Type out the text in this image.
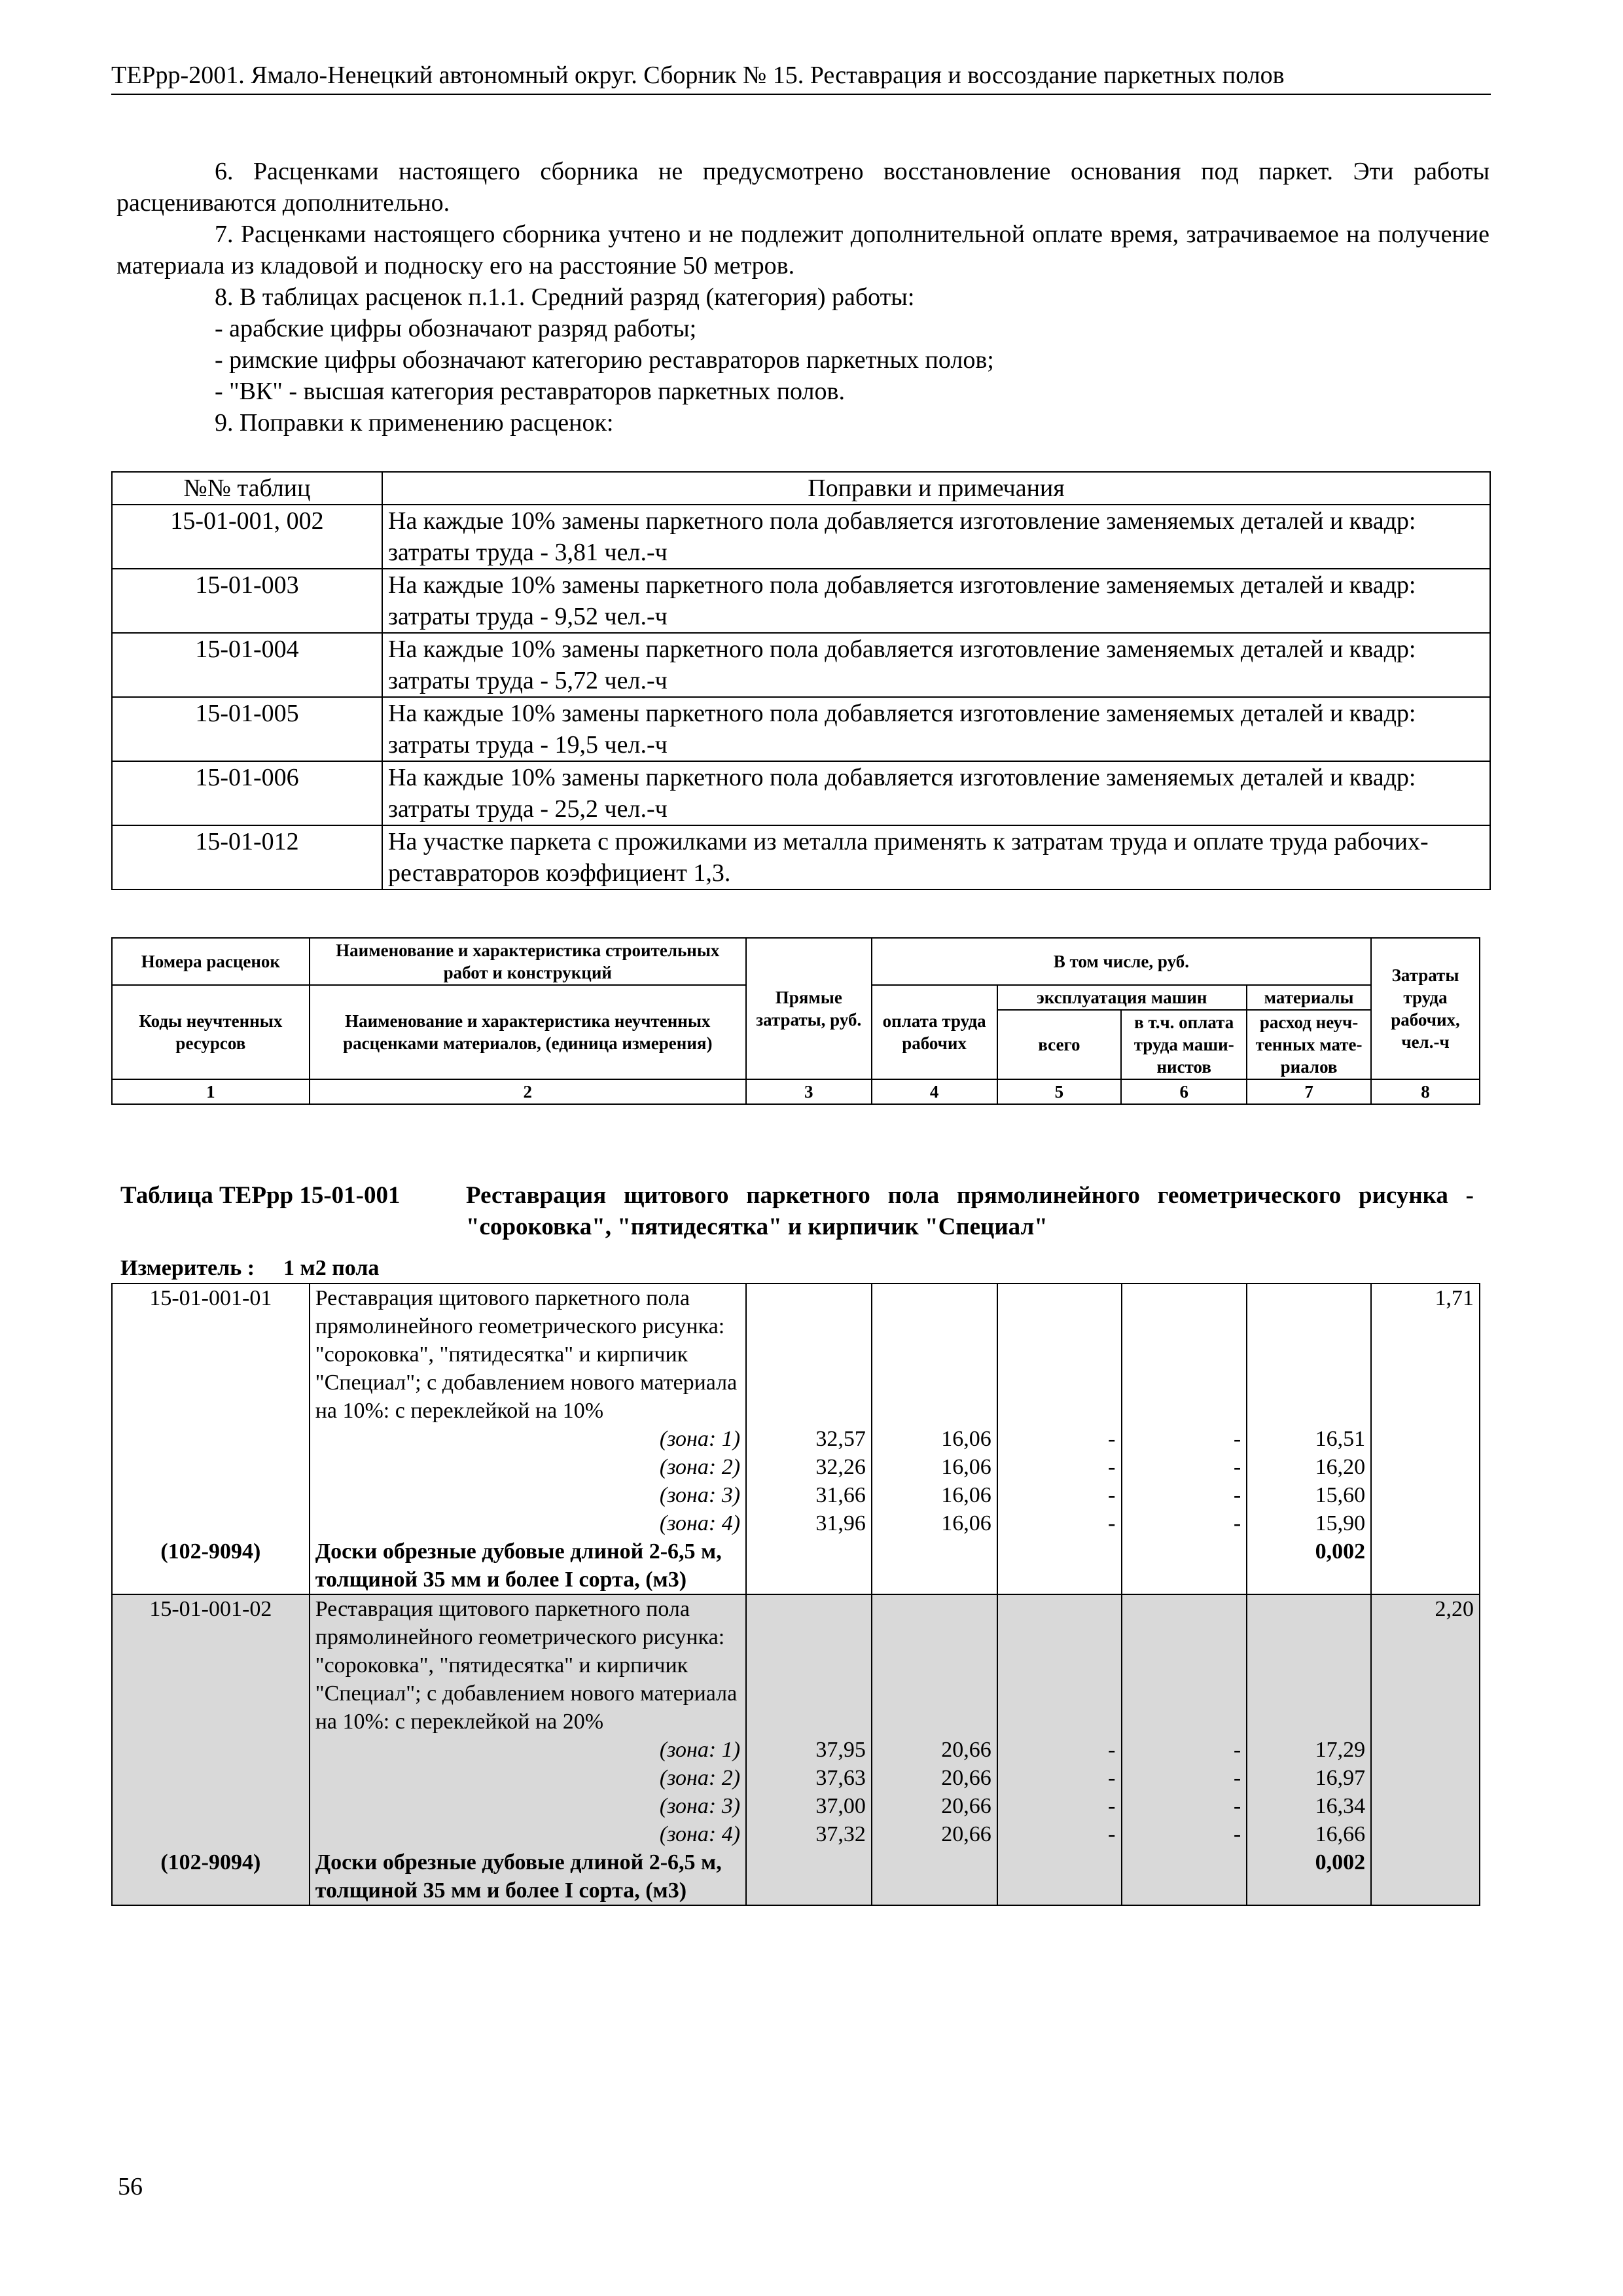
ТЕРрр-2001. Ямало-Ненецкий автономный округ. Сборник № 15. Реставрация и воссоздание паркетных полов

6. Расценками настоящего сборника не предусмотрено восстановление основания под паркет. Эти работы расцениваются дополнительно.

7. Расценками настоящего сборника учтено и не подлежит дополнительной оплате время, затрачиваемое на получение материала из кладовой и подноску его на расстояние 50 метров.

8. В таблицах расценок п.1.1. Средний разряд (категория) работы:

- арабские цифры обозначают разряд работы;

- римские цифры обозначают категорию реставраторов паркетных полов;

- "ВК" - высшая категория реставраторов паркетных полов.

9. Поправки к применению расценок:

№№ таблиц	Поправки и примечания
15-01-001, 002	На каждые 10% замены паркетного пола добавляется изготовление заменяемых деталей и квадр: затраты труда - 3,81 чел.-ч
15-01-003	На каждые 10% замены паркетного пола добавляется изготовление заменяемых деталей и квадр: затраты труда - 9,52 чел.-ч
15-01-004	На каждые 10% замены паркетного пола добавляется изготовление заменяемых деталей и квадр: затраты труда - 5,72 чел.-ч
15-01-005	На каждые 10% замены паркетного пола добавляется изготовление заменяемых деталей и квадр: затраты труда - 19,5 чел.-ч
15-01-006	На каждые 10% замены паркетного пола добавляется изготовление заменяемых деталей и квадр: затраты труда - 25,2 чел.-ч
15-01-012	На участке паркета с прожилками из металла применять к затратам труда и оплате труда рабочих-реставраторов коэффициент 1,3.
Номера расценок	Наименование и характеристика строительных работ и конструкций	Прямые затраты, руб.	В том числе, руб.				Затраты труда рабочих, чел.-ч
Коды неучтенных ресурсов	Наименование и характеристика неучтенных расценками материалов, (единица измерения)		оплата труда рабочих	эксплуатация машин		материалы	
				всего	в т.ч. оплата труда маши-нистов	расход неуч-тенных мате-риалов	
1	2	3	4	5	6	7	8
Таблица ТЕРрр 15-01-001	Реставрация щитового паркетного пола прямолинейного геометрического рисунка -"сороковка", "пятидесятка" и кирпичик "Специал"
Измеритель : 1 м2 пола
15-01-001-01	Реставрация щитового паркетного пола прямолинейного геометрического рисунка: "сороковка", "пятидесятка" и кирпичик "Специал"; с добавлением нового материала на 10%: с переклейкой на 10%						1,71
	(зона: 1)	32,57	16,06	-	-	16,51	
	(зона: 2)	32,26	16,06	-	-	16,20	
	(зона: 3)	31,66	16,06	-	-	15,60	
	(зона: 4)	31,96	16,06	-	-	15,90	
(102-9094)	Доски обрезные дубовые длиной 2-6,5 м, толщиной 35 мм и более I сорта, (м3)					0,002	
15-01-001-02	Реставрация щитового паркетного пола прямолинейного геометрического рисунка: "сороковка", "пятидесятка" и кирпичик "Специал"; с добавлением нового материала на 10%: с переклейкой на 20%						2,20
	(зона: 1)	37,95	20,66	-	-	17,29	
	(зона: 2)	37,63	20,66	-	-	16,97	
	(зона: 3)	37,00	20,66	-	-	16,34	
	(зона: 4)	37,32	20,66	-	-	16,66	
(102-9094)	Доски обрезные дубовые длиной 2-6,5 м, толщиной 35 мм и более I сорта, (м3)					0,002	
56
